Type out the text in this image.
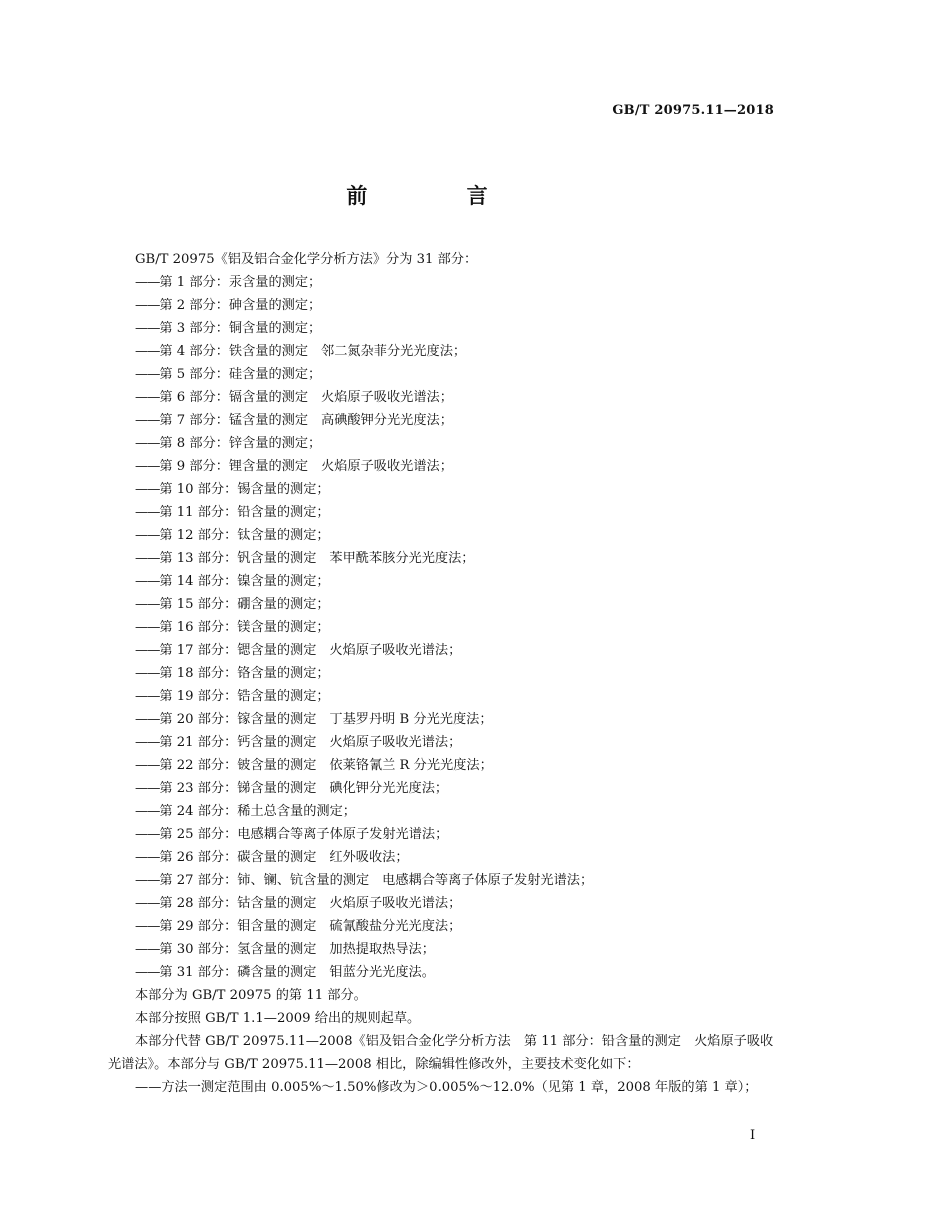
GB/T 20975.11—2018
前 言

GB/T 20975《铝及铝合金化学分析方法》分为 31 部分：

——第 1 部分：汞含量的测定；
——第 2 部分：砷含量的测定；
——第 3 部分：铜含量的测定；
——第 4 部分：铁含量的测定 邻二氮杂菲分光光度法；
——第 5 部分：硅含量的测定；
——第 6 部分：镉含量的测定 火焰原子吸收光谱法；
——第 7 部分：锰含量的测定 高碘酸钾分光光度法；
——第 8 部分：锌含量的测定；
——第 9 部分：锂含量的测定 火焰原子吸收光谱法；
——第 10 部分：锡含量的测定；
——第 11 部分：铅含量的测定；
——第 12 部分：钛含量的测定；
——第 13 部分：钒含量的测定 苯甲酰苯胲分光光度法；
——第 14 部分：镍含量的测定；
——第 15 部分：硼含量的测定；
——第 16 部分：镁含量的测定；
——第 17 部分：锶含量的测定 火焰原子吸收光谱法；
——第 18 部分：铬含量的测定；
——第 19 部分：锆含量的测定；
——第 20 部分：镓含量的测定 丁基罗丹明 B 分光光度法；
——第 21 部分：钙含量的测定 火焰原子吸收光谱法；
——第 22 部分：铍含量的测定 依莱铬氰兰 R 分光光度法；
——第 23 部分：锑含量的测定 碘化钾分光光度法；
——第 24 部分：稀土总含量的测定；
——第 25 部分：电感耦合等离子体原子发射光谱法；
——第 26 部分：碳含量的测定 红外吸收法；
——第 27 部分：铈、镧、钪含量的测定 电感耦合等离子体原子发射光谱法；
——第 28 部分：钴含量的测定 火焰原子吸收光谱法；
——第 29 部分：钼含量的测定 硫氰酸盐分光光度法；
——第 30 部分：氢含量的测定 加热提取热导法；
——第 31 部分：磷含量的测定 钼蓝分光光度法。

本部分为 GB/T 20975 的第 11 部分。

本部分按照 GB/T 1.1—2009 给出的规则起草。

本部分代替 GB/T 20975.11—2008《铝及铝合金化学分析方法　第 11 部分：铅含量的测定　火焰原子吸收光谱法》。本部分与 GB/T 20975.11—2008 相比，除编辑性修改外，主要技术变化如下：

——方法一测定范围由 0.005%～1.50%修改为＞0.005%～12.0%（见第 1 章，2008 年版的第 1 章）；

I
